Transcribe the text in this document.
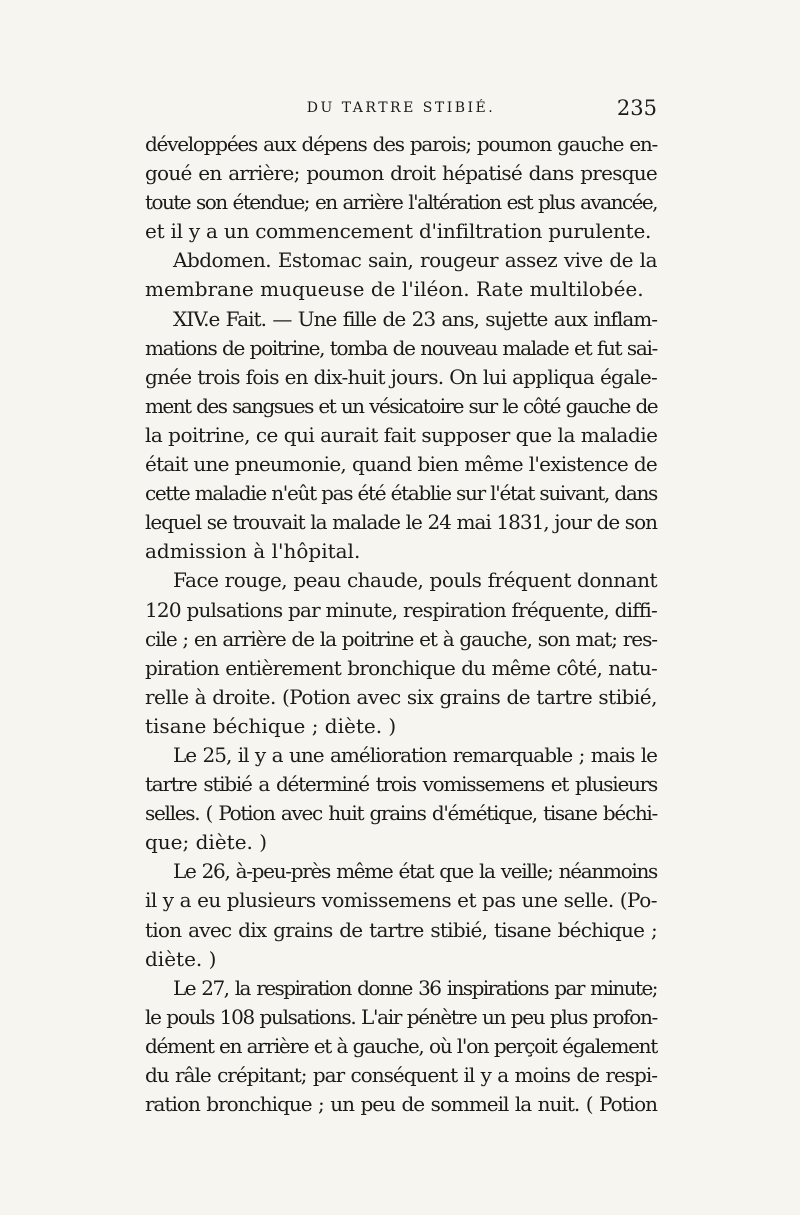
DU TARTRE STIBIÉ.	235
développées aux dépens des parois; poumon gauche en-
goué en arrière; poumon droit hépatisé dans presque
toute son étendue; en arrière l'altération est plus avancée,
et il y a un commencement d'infiltration purulente.
Abdomen. Estomac sain, rougeur assez vive de la
membrane muqueuse de l'iléon. Rate multilobée.
XIV.e Fait. — Une fille de 23 ans, sujette aux inflam-
mations de poitrine, tomba de nouveau malade et fut sai-
gnée trois fois en dix-huit jours. On lui appliqua égale-
ment des sangsues et un vésicatoire sur le côté gauche de
la poitrine, ce qui aurait fait supposer que la maladie
était une pneumonie, quand bien même l'existence de
cette maladie n'eût pas été établie sur l'état suivant, dans
lequel se trouvait la malade le 24 mai 1831, jour de son
admission à l'hôpital.
Face rouge, peau chaude, pouls fréquent donnant
120 pulsations par minute, respiration fréquente, diffi-
cile ; en arrière de la poitrine et à gauche, son mat; res-
piration entièrement bronchique du même côté, natu-
relle à droite. (Potion avec six grains de tartre stibié,
tisane béchique ; diète. )
Le 25, il y a une amélioration remarquable ; mais le
tartre stibié a déterminé trois vomissemens et plusieurs
selles. ( Potion avec huit grains d'émétique, tisane béchi-
que; diète. )
Le 26, à-peu-près même état que la veille; néanmoins
il y a eu plusieurs vomissemens et pas une selle. (Po-
tion avec dix grains de tartre stibié, tisane béchique ;
diète. )
Le 27, la respiration donne 36 inspirations par minute;
le pouls 108 pulsations. L'air pénètre un peu plus profon-
dément en arrière et à gauche, où l'on perçoit également
du râle crépitant; par conséquent il y a moins de respi-
ration bronchique ; un peu de sommeil la nuit. ( Potion
